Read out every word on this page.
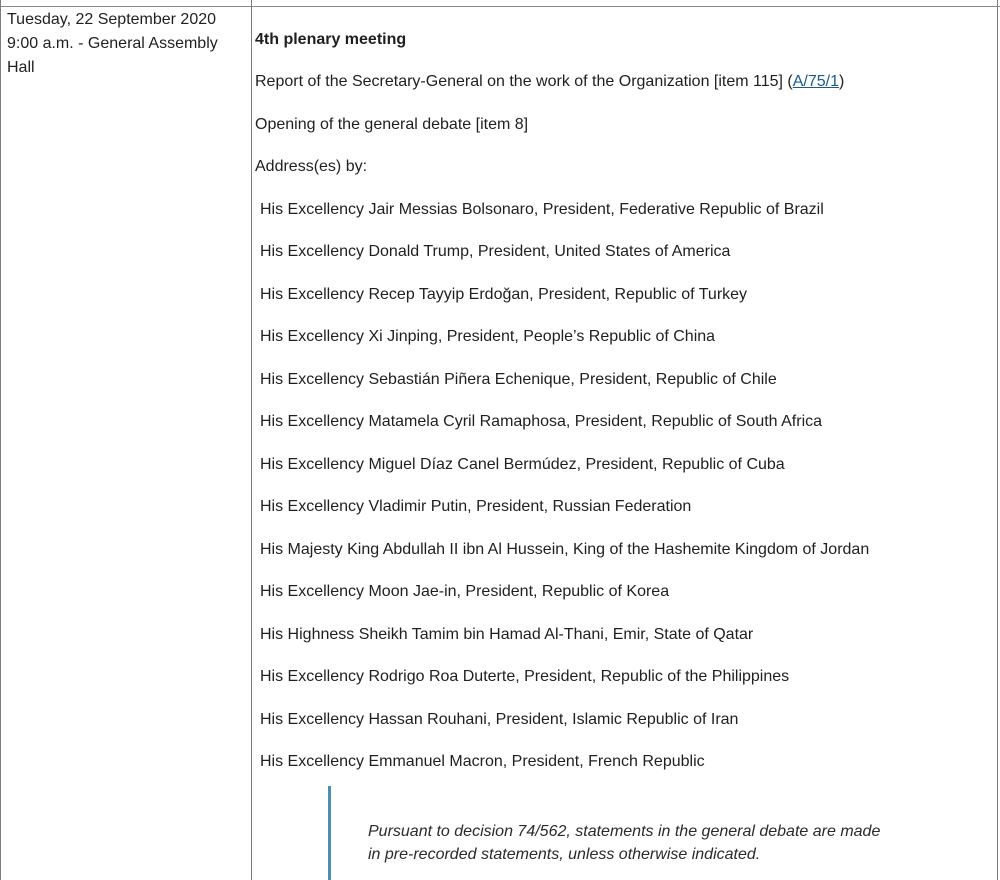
Tuesday, 22 September 2020
9:00 a.m. - General Assembly
Hall
4th plenary meeting
Report of the Secretary-General on the work of the Organization [item 115] (A/75/1)
Opening of the general debate [item 8]
Address(es) by:
His Excellency Jair Messias Bolsonaro, President, Federative Republic of Brazil
His Excellency Donald Trump, President, United States of America
His Excellency Recep Tayyip Erdoğan, President, Republic of Turkey
His Excellency Xi Jinping, President, People’s Republic of China
His Excellency Sebastián Piñera Echenique, President, Republic of Chile
His Excellency Matamela Cyril Ramaphosa, President, Republic of South Africa
His Excellency Miguel Díaz Canel Bermúdez, President, Republic of Cuba
His Excellency Vladimir Putin, President, Russian Federation
His Majesty King Abdullah II ibn Al Hussein, King of the Hashemite Kingdom of Jordan
His Excellency Moon Jae-in, President, Republic of Korea
His Highness Sheikh Tamim bin Hamad Al-Thani, Emir, State of Qatar
His Excellency Rodrigo Roa Duterte, President, Republic of the Philippines
His Excellency Hassan Rouhani, President, Islamic Republic of Iran
His Excellency Emmanuel Macron, President, French Republic
Pursuant to decision 74/562, statements in the general debate are made
in pre-recorded statements, unless otherwise indicated.
